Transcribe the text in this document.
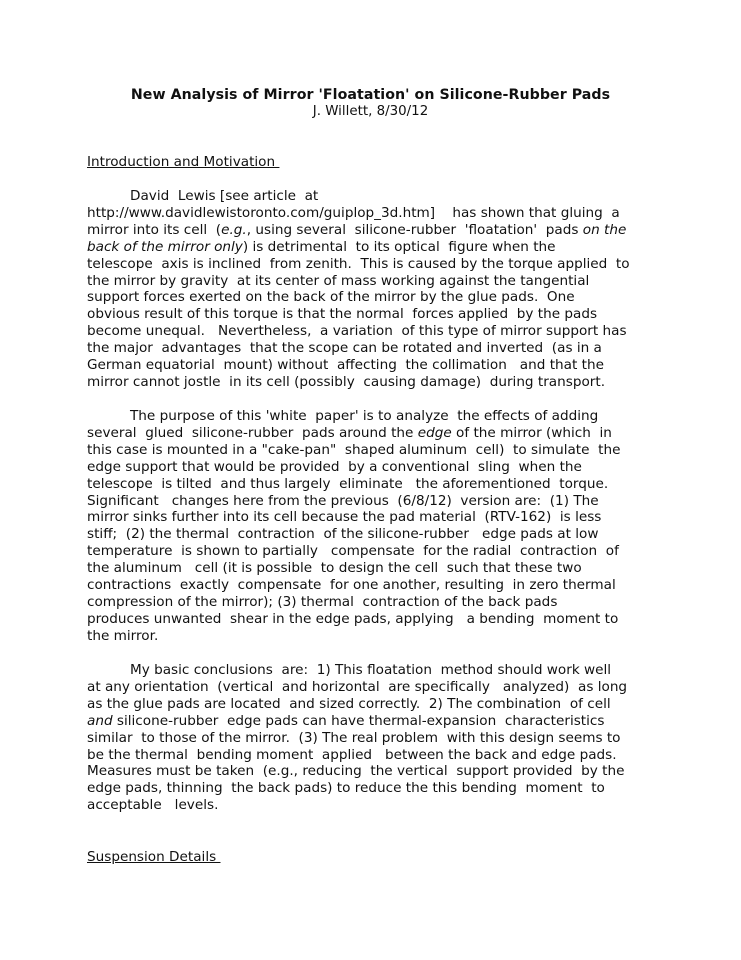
New Analysis of Mirror 'Floatation' on Silicone-Rubber Pads
J. Willett, 8/30/12
Introduction and Motivation
David  Lewis [see article  at
http://www.davidlewistoronto.com/guiplop_3d.htm]    has shown that gluing  a
mirror into its cell  (e.g., using several  silicone-rubber  'floatation'  pads on the
back of the mirror only) is detrimental  to its optical  figure when the
telescope  axis is inclined  from zenith.  This is caused by the torque applied  to
the mirror by gravity  at its center of mass working against the tangential
support forces exerted on the back of the mirror by the glue pads.  One
obvious result of this torque is that the normal  forces applied  by the pads
become unequal.   Nevertheless,  a variation  of this type of mirror support has
the major  advantages  that the scope can be rotated and inverted  (as in a
German equatorial  mount) without  affecting  the collimation   and that the
mirror cannot jostle  in its cell (possibly  causing damage)  during transport.
The purpose of this 'white  paper' is to analyze  the effects of adding
several  glued  silicone-rubber  pads around the edge of the mirror (which  in
this case is mounted in a "cake-pan"  shaped aluminum  cell)  to simulate  the
edge support that would be provided  by a conventional  sling  when the
telescope  is tilted  and thus largely  eliminate   the aforementioned  torque.
Significant   changes here from the previous  (6/8/12)  version are:  (1) The
mirror sinks further into its cell because the pad material  (RTV-162)  is less
stiff;  (2) the thermal  contraction  of the silicone-rubber   edge pads at low
temperature  is shown to partially   compensate  for the radial  contraction  of
the aluminum   cell (it is possible  to design the cell  such that these two
contractions  exactly  compensate  for one another, resulting  in zero thermal
compression of the mirror); (3) thermal  contraction of the back pads
produces unwanted  shear in the edge pads, applying   a bending  moment to
the mirror.
My basic conclusions  are:  1) This floatation  method should work well
at any orientation  (vertical  and horizontal  are specifically   analyzed)  as long
as the glue pads are located  and sized correctly.  2) The combination  of cell
and silicone-rubber  edge pads can have thermal-expansion  characteristics
similar  to those of the mirror.  (3) The real problem  with this design seems to
be the thermal  bending moment  applied   between the back and edge pads.
Measures must be taken  (e.g., reducing  the vertical  support provided  by the
edge pads, thinning  the back pads) to reduce the this bending  moment  to
acceptable   levels.
Suspension Details
